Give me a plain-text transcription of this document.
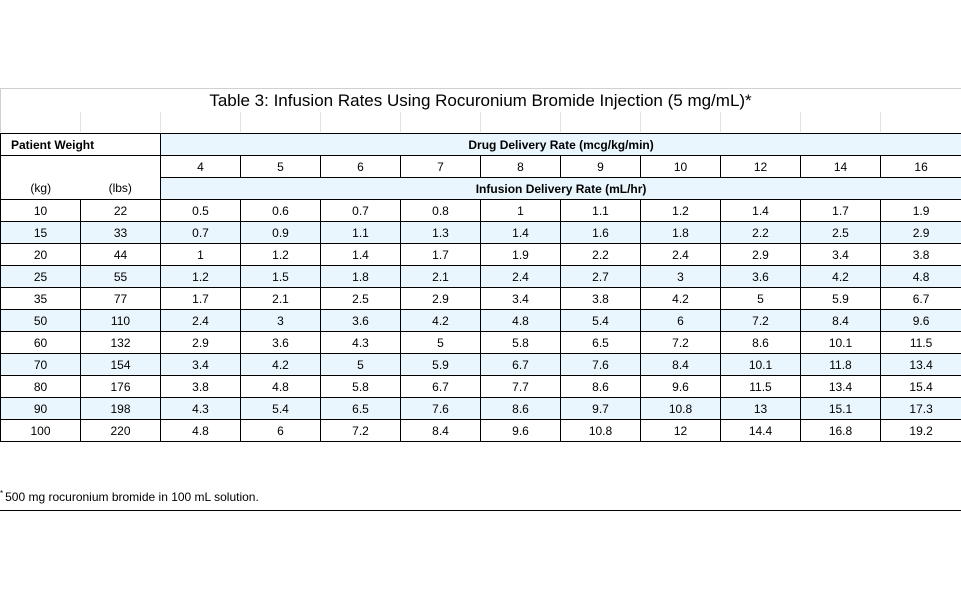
Table 3: Infusion Rates Using Rocuronium Bromide Injection (5 mg/mL)*
Patient Weight		Drug Delivery Rate (mcg/kg/min)									
(kg)	(lbs)	4	5	6	7	8	9	10	12	14	16
		Infusion Delivery Rate (mL/hr)									
10	22	0.5	0.6	0.7	0.8	1	1.1	1.2	1.4	1.7	1.9
15	33	0.7	0.9	1.1	1.3	1.4	1.6	1.8	2.2	2.5	2.9
20	44	1	1.2	1.4	1.7	1.9	2.2	2.4	2.9	3.4	3.8
25	55	1.2	1.5	1.8	2.1	2.4	2.7	3	3.6	4.2	4.8
35	77	1.7	2.1	2.5	2.9	3.4	3.8	4.2	5	5.9	6.7
50	110	2.4	3	3.6	4.2	4.8	5.4	6	7.2	8.4	9.6
60	132	2.9	3.6	4.3	5	5.8	6.5	7.2	8.6	10.1	11.5
70	154	3.4	4.2	5	5.9	6.7	7.6	8.4	10.1	11.8	13.4
80	176	3.8	4.8	5.8	6.7	7.7	8.6	9.6	11.5	13.4	15.4
90	198	4.3	5.4	6.5	7.6	8.6	9.7	10.8	13	15.1	17.3
100	220	4.8	6	7.2	8.4	9.6	10.8	12	14.4	16.8	19.2
* 500 mg rocuronium bromide in 100 mL solution.
